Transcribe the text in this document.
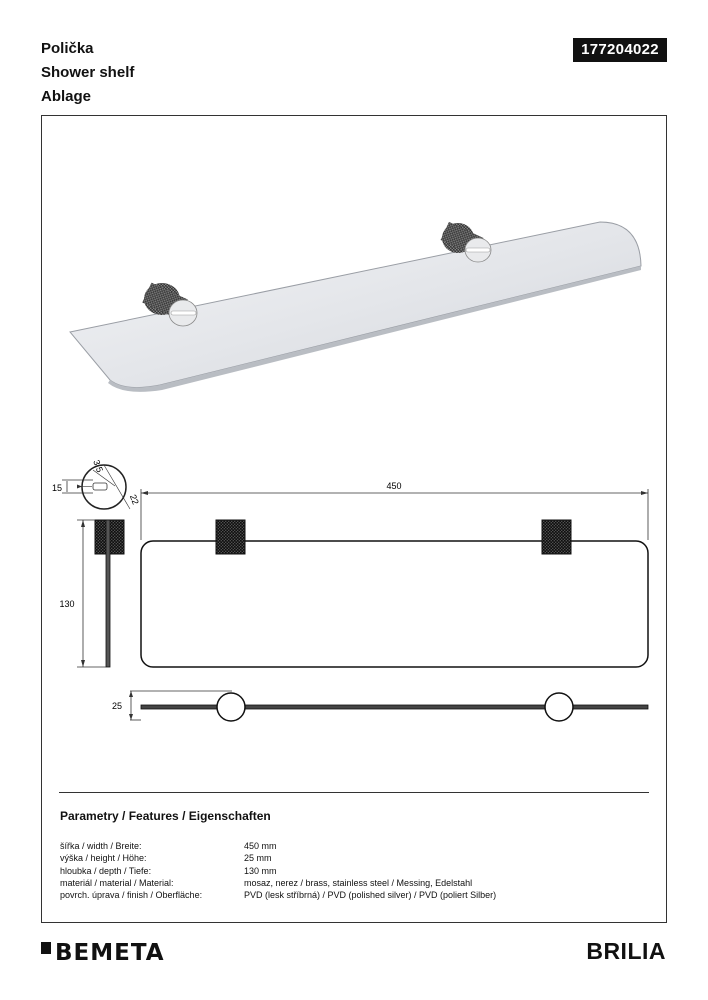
Polička
Shower shelf
Ablage
177204022
15
3,5
22
450
130
25
Parametry / Features / Eigenschaften
šířka / width / Breite:	450 mm
výška / height / Höhe:	25 mm
hloubka / depth / Tiefe:	130 mm
materiál / material / Material:	mosaz, nerez / brass, stainless steel / Messing, Edelstahl
povrch. úprava / finish / Oberfläche:	PVD (lesk stříbrná) / PVD (polished silver) / PVD (poliert Silber)
BEMETA	BRILIA
